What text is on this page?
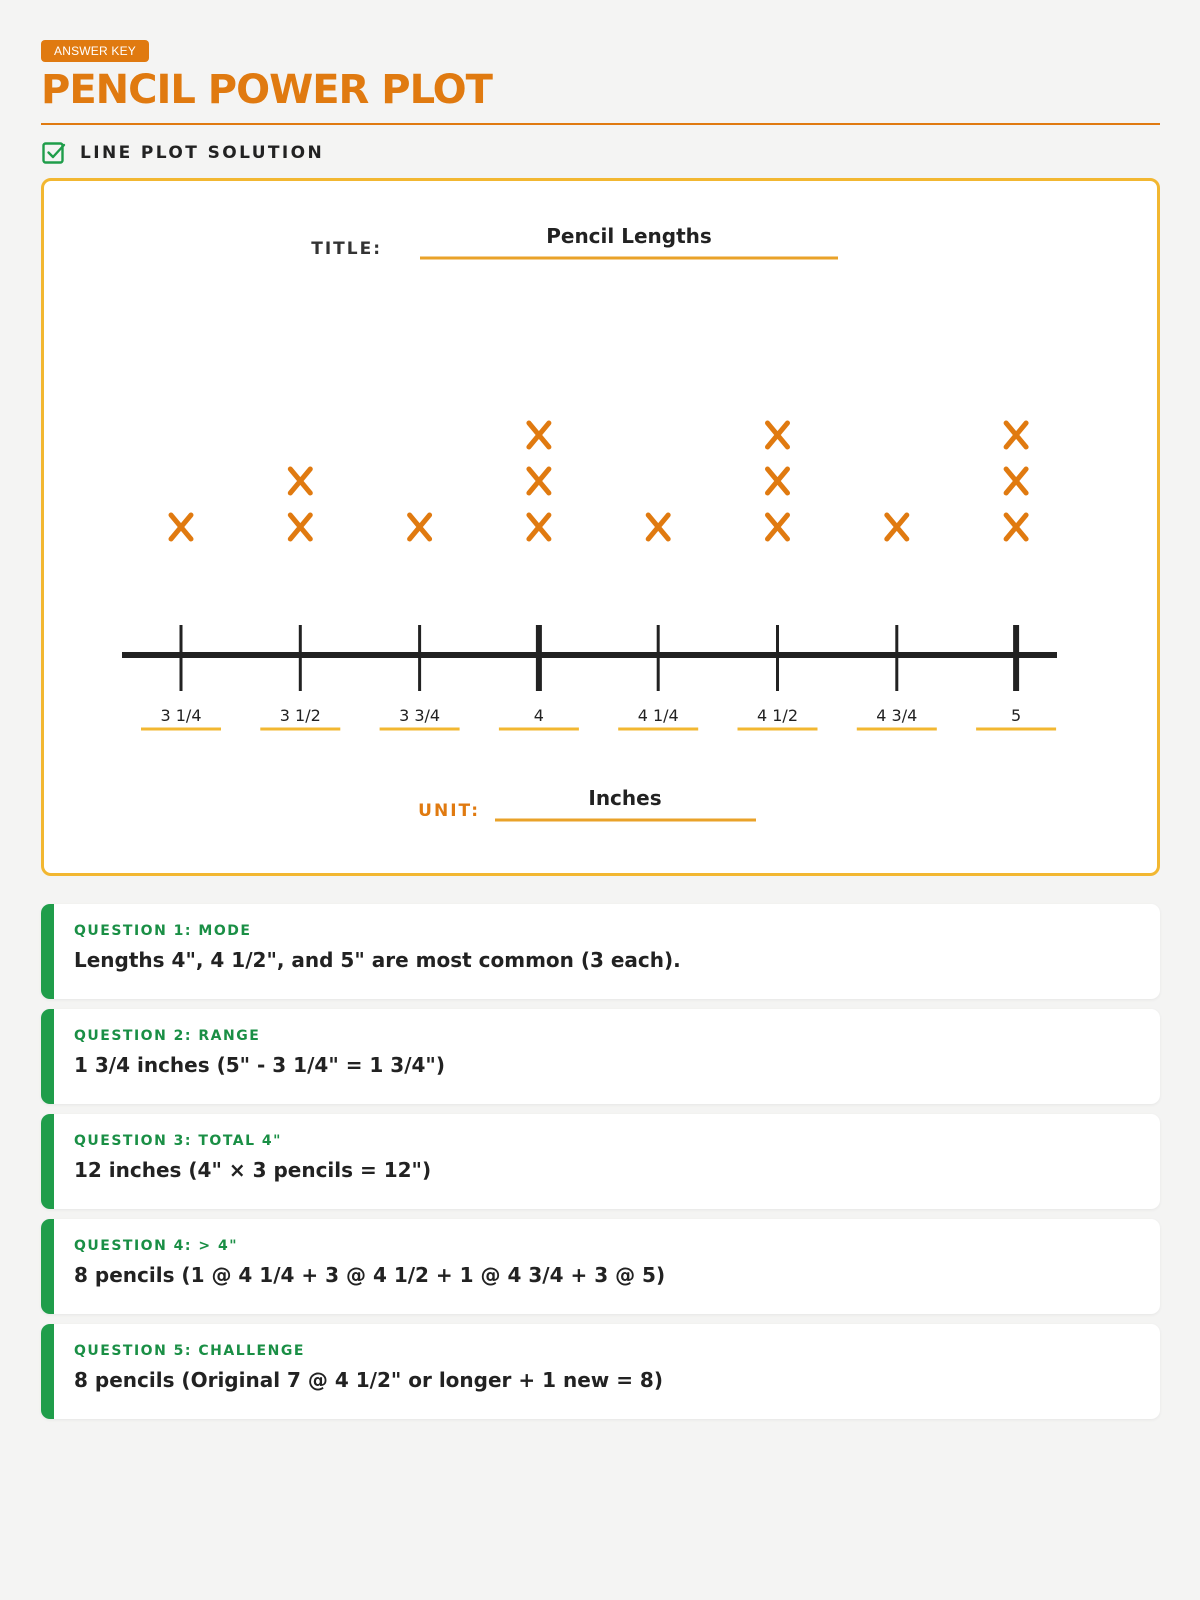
ANSWER KEY
PENCIL POWER PLOT
LINE PLOT SOLUTION
TITLE:
Pencil Lengths
3 1/4	3 1/2	3 3/4	4	4 1/4	4 1/2	4 3/4	5
UNIT:
Inches
QUESTION 1: MODE
Lengths 4", 4 1/2", and 5" are most common (3 each).
QUESTION 2: RANGE
1 3/4 inches (5" - 3 1/4" = 1 3/4")
QUESTION 3: TOTAL 4"
12 inches (4" × 3 pencils = 12")
QUESTION 4: > 4"
8 pencils (1 @ 4 1/4 + 3 @ 4 1/2 + 1 @ 4 3/4 + 3 @ 5)
QUESTION 5: CHALLENGE
8 pencils (Original 7 @ 4 1/2" or longer + 1 new = 8)
